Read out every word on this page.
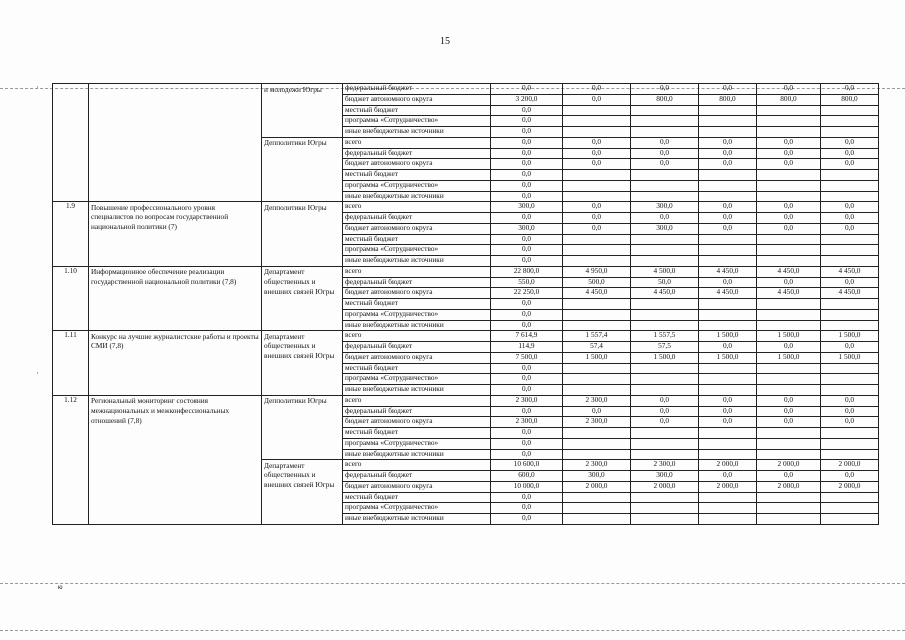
·
·
15
		и молодежи Югры	федеральный бюджет	0,0	0,0	0,0	0,0	0,0	0,0
			бюджет автономного округа	3 200,0	0,0	800,0	800,0	800,0	800,0
			местный бюджет	0,0					
			программа «Сотрудничество»	0,0					
			иные внебюджетные источники	0,0					
		Депполитики Югры	всего	0,0	0,0	0,0	0,0	0,0	0,0
			федеральный бюджет	0,0	0,0	0,0	0,0	0,0	0,0
			бюджет автономного округа	0,0	0,0	0,0	0,0	0,0	0,0
			местный бюджет	0,0					
			программа «Сотрудничество»	0,0					
			иные внебюджетные источники	0,0					
1.9	Повышение профессионального уровня специалистов по вопросам государственной национальной политики (7)	Депполитики Югры	всего	300,0	0,0	300,0	0,0	0,0	0,0
			федеральный бюджет	0,0	0,0	0,0	0,0	0,0	0,0
			бюджет автономного округа	300,0	0,0	300,0	0,0	0,0	0,0
			местный бюджет	0,0					
			программа «Сотрудничество»	0,0					
			иные внебюджетные источники	0,0					
1.10	Информационное обеспечение реализации государственной национальной политики (7,8)	Департамент общественных и внешних связей Югры	всего	22 800,0	4 950,0	4 500,0	4 450,0	4 450,0	4 450,0
			федеральный бюджет	550,0	500,0	50,0	0,0	0,0	0,0
			бюджет автономного округа	22 250,0	4 450,0	4 450,0	4 450,0	4 450,0	4 450,0
			местный бюджет	0,0					
			программа «Сотрудничество»	0,0					
			иные внебюджетные источники	0,0					
1.11	Конкурс на лучшие журналистские работы и проекты СМИ (7,8)	Департамент общественных и внешних связей Югры	всего	7 614,9	1 557,4	1 557,5	1 500,0	1 500,0	1 500,0
			федеральный бюджет	114,9	57,4	57,5	0,0	0,0	0,0
			бюджет автономного округа	7 500,0	1 500,0	1 500,0	1 500,0	1 500,0	1 500,0
			местный бюджет	0,0					
			программа «Сотрудничество»	0,0					
			иные внебюджетные источники	0,0					
1.12	Региональный мониторинг состояния межнациональных и межконфессиональных отношений (7,8)	Депполитики Югры	всего	2 300,0	2 300,0	0,0	0,0	0,0	0,0
			федеральный бюджет	0,0	0,0	0,0	0,0	0,0	0,0
			бюджет автономного округа	2 300,0	2 300,0	0,0	0,0	0,0	0,0
			местный бюджет	0,0					
			программа «Сотрудничество»	0,0					
			иные внебюджетные источники	0,0					
		Департамент общественных и внешних связей Югры	всего	10 600,0	2 300,0	2 300,0	2 000,0	2 000,0	2 000,0
			федеральный бюджет	600,0	300,0	300,0	0,0	0,0	0,0
			бюджет автономного округа	10 000,0	2 000,0	2 000,0	2 000,0	2 000,0	2 000,0
			местный бюджет	0,0					
			программа «Сотрудничество»	0,0					
			иные внебюджетные источники	0,0					
ю
